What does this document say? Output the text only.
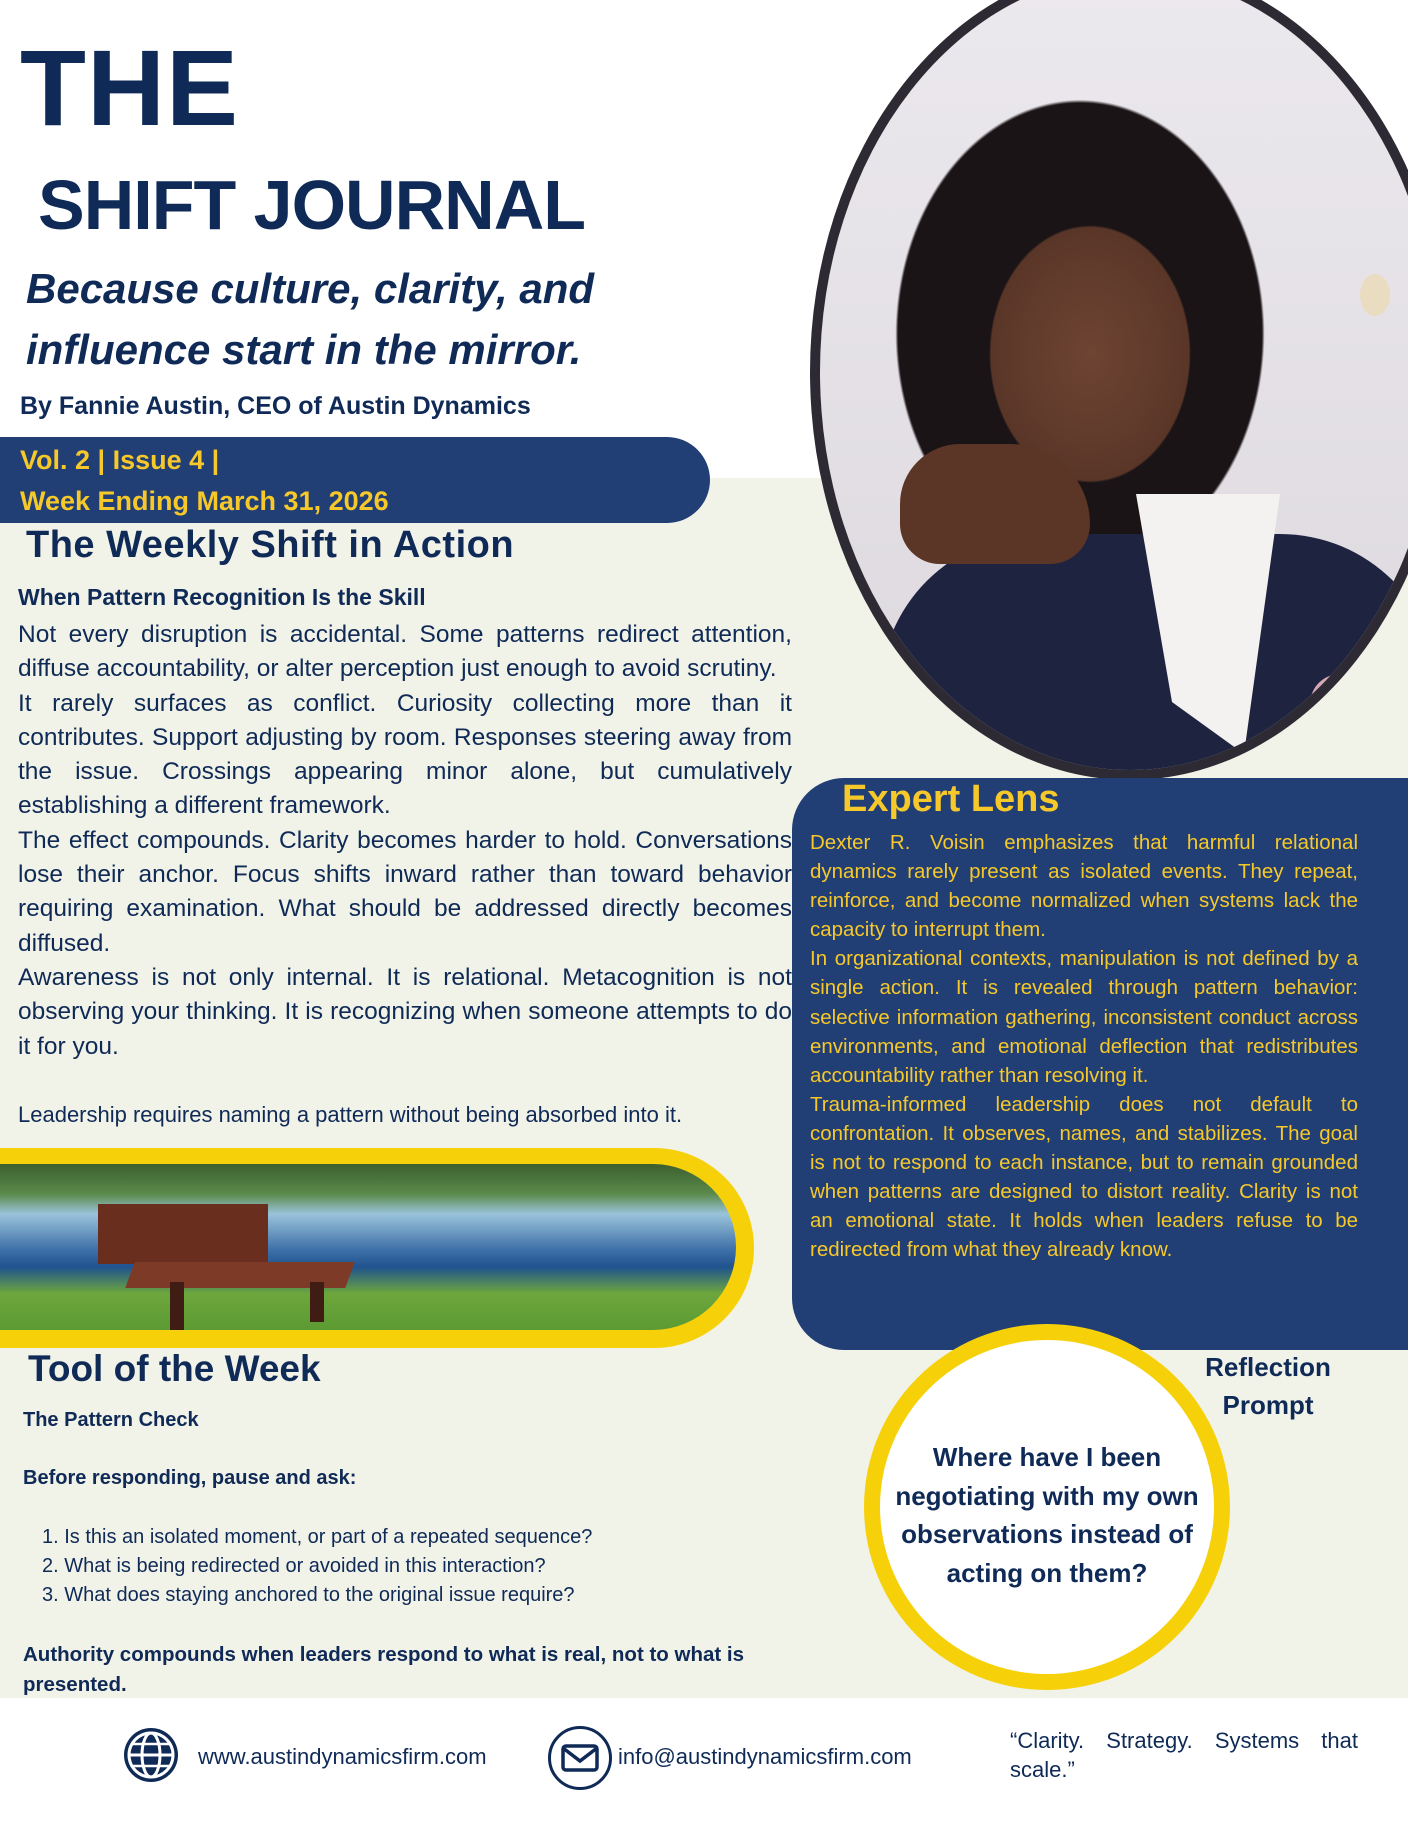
THE
SHIFT JOURNAL
Because culture, clarity, and influence start in the mirror.
By Fannie Austin, CEO of Austin Dynamics
Vol. 2 | Issue 4 |
Week Ending March 31, 2026
The Weekly Shift in Action
When Pattern Recognition Is the Skill

Not every disruption is accidental. Some patterns redirect attention, diffuse accountability, or alter perception just enough to avoid scrutiny.

It rarely surfaces as conflict. Curiosity collecting more than it contributes. Support adjusting by room. Responses steering away from the issue. Crossings appearing minor alone, but cumulatively establishing a different framework.

The effect compounds. Clarity becomes harder to hold. Conversations lose their anchor. Focus shifts inward rather than toward behavior requiring examination. What should be addressed directly becomes diffused.

Awareness is not only internal. It is relational. Metacognition is not observing your thinking. It is recognizing when someone attempts to do it for you.

Leadership requires naming a pattern without being absorbed into it.
Expert Lens

Dexter R. Voisin emphasizes that harmful relational dynamics rarely present as isolated events. They repeat, reinforce, and become normalized when systems lack the capacity to interrupt them.

In organizational contexts, manipulation is not defined by a single action. It is revealed through pattern behavior: selective information gathering, inconsistent conduct across environments, and emotional deflection that redistributes accountability rather than resolving it.

Trauma-informed leadership does not default to confrontation. It observes, names, and stabilizes. The goal is not to respond to each instance, but to remain grounded when patterns are designed to distort reality. Clarity is not an emotional state. It holds when leaders refuse to be redirected from what they already know.

Tool of the Week
The Pattern Check
Before responding, pause and ask:
1. Is this an isolated moment, or part of a repeated sequence?
2. What is being redirected or avoided in this interaction?
3. What does staying anchored to the original issue require?
Authority compounds when leaders respond to what is real, not to what is presented.
Reflection
Prompt
Where have I been negotiating with my own observations instead of acting on them?
www.austindynamicsfirm.com	info@austindynamicsfirm.com
“Clarity. Strategy. Systems that scale.”
